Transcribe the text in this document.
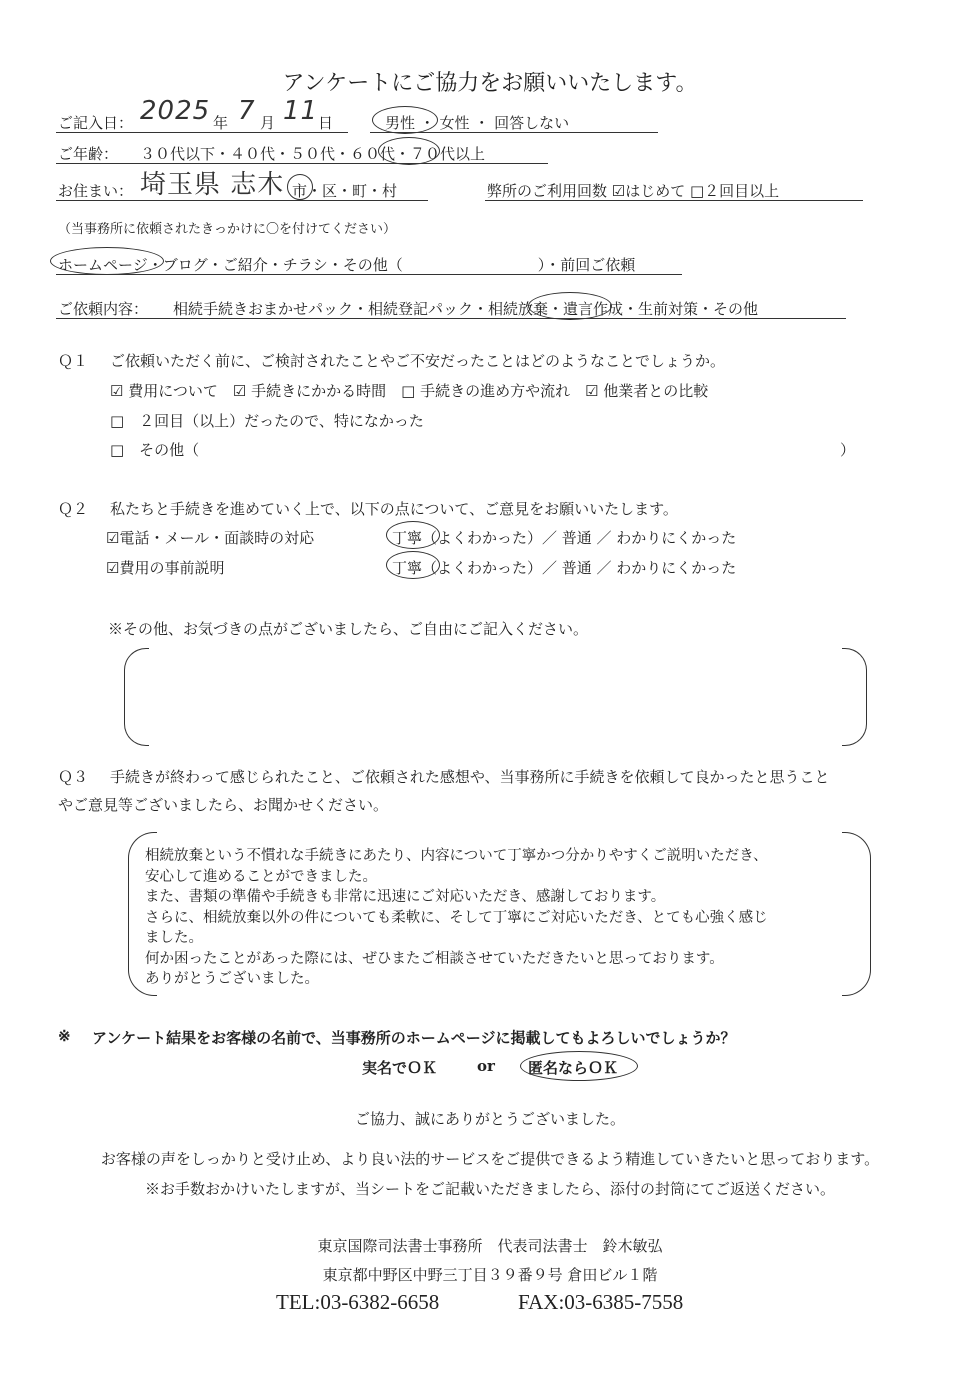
アンケートにご協力をお願いいたします。
ご記入日： 2025 年 7 月 11 日	男性 ・ 女性 ・ 回答しない
ご年齢： ３０代以下・４０代・５０代・６０代・７０代以上
お住まい： 埼玉県 志木 市・区・町・村	弊所のご利用回数 ☑はじめて □２回目以上
（当事務所に依頼されたきっかけに〇を付けてください）
ホームページ・ブログ・ご紹介・チラシ・その他（　　　　　　　　　）・前回ご依頼
ご依頼内容： 相続手続きおまかせパック・相続登記パック・相続放棄・遺言作成・生前対策・その他
Ｑ１ ご依頼いただく前に、ご検討されたことやご不安だったことはどのようなことでしょうか。
☑ 費用について　☑ 手続きにかかる時間　□ 手続きの進め方や流れ　☑ 他業者との比較
□　２回目（以上）だったので、特になかった
□　その他（	）
Ｑ２ 私たちと手続きを進めていく上で、以下の点について、ご意見をお願いいたします。
☑電話・メール・面談時の対応	丁寧（よくわかった）／ 普通 ／ わかりにくかった
☑費用の事前説明	丁寧（よくわかった）／ 普通 ／ わかりにくかった
※その他、お気づきの点がございましたら、ご自由にご記入ください。
Ｑ３ 手続きが終わって感じられたこと、ご依頼された感想や、当事務所に手続きを依頼して良かったと思うこと
やご意見等ございましたら、お聞かせください。
相続放棄という不慣れな手続きにあたり、内容について丁寧かつ分かりやすくご説明いただき、
安心して進めることができました。
また、書類の準備や手続きも非常に迅速にご対応いただき、感謝しております。
さらに、相続放棄以外の件についても柔軟に、そして丁寧にご対応いただき、とても心強く感じ
ました。
何か困ったことがあった際には、ぜひまたご相談させていただきたいと思っております。
ありがとうございました。
※ アンケート結果をお客様の名前で、当事務所のホームページに掲載してもよろしいでしょうか？
実名でＯＫ	or 匿名ならＯＫ
ご協力、誠にありがとうございました。
お客様の声をしっかりと受け止め、より良い法的サービスをご提供できるよう精進していきたいと思っております。
※お手数おかけいたしますが、当シートをご記載いただきましたら、添付の封筒にてご返送ください。
東京国際司法書士事務所　代表司法書士　鈴木敏弘
東京都中野区中野三丁目３９番９号 倉田ビル１階
TEL:03-6382-6658	FAX:03-6385-7558
